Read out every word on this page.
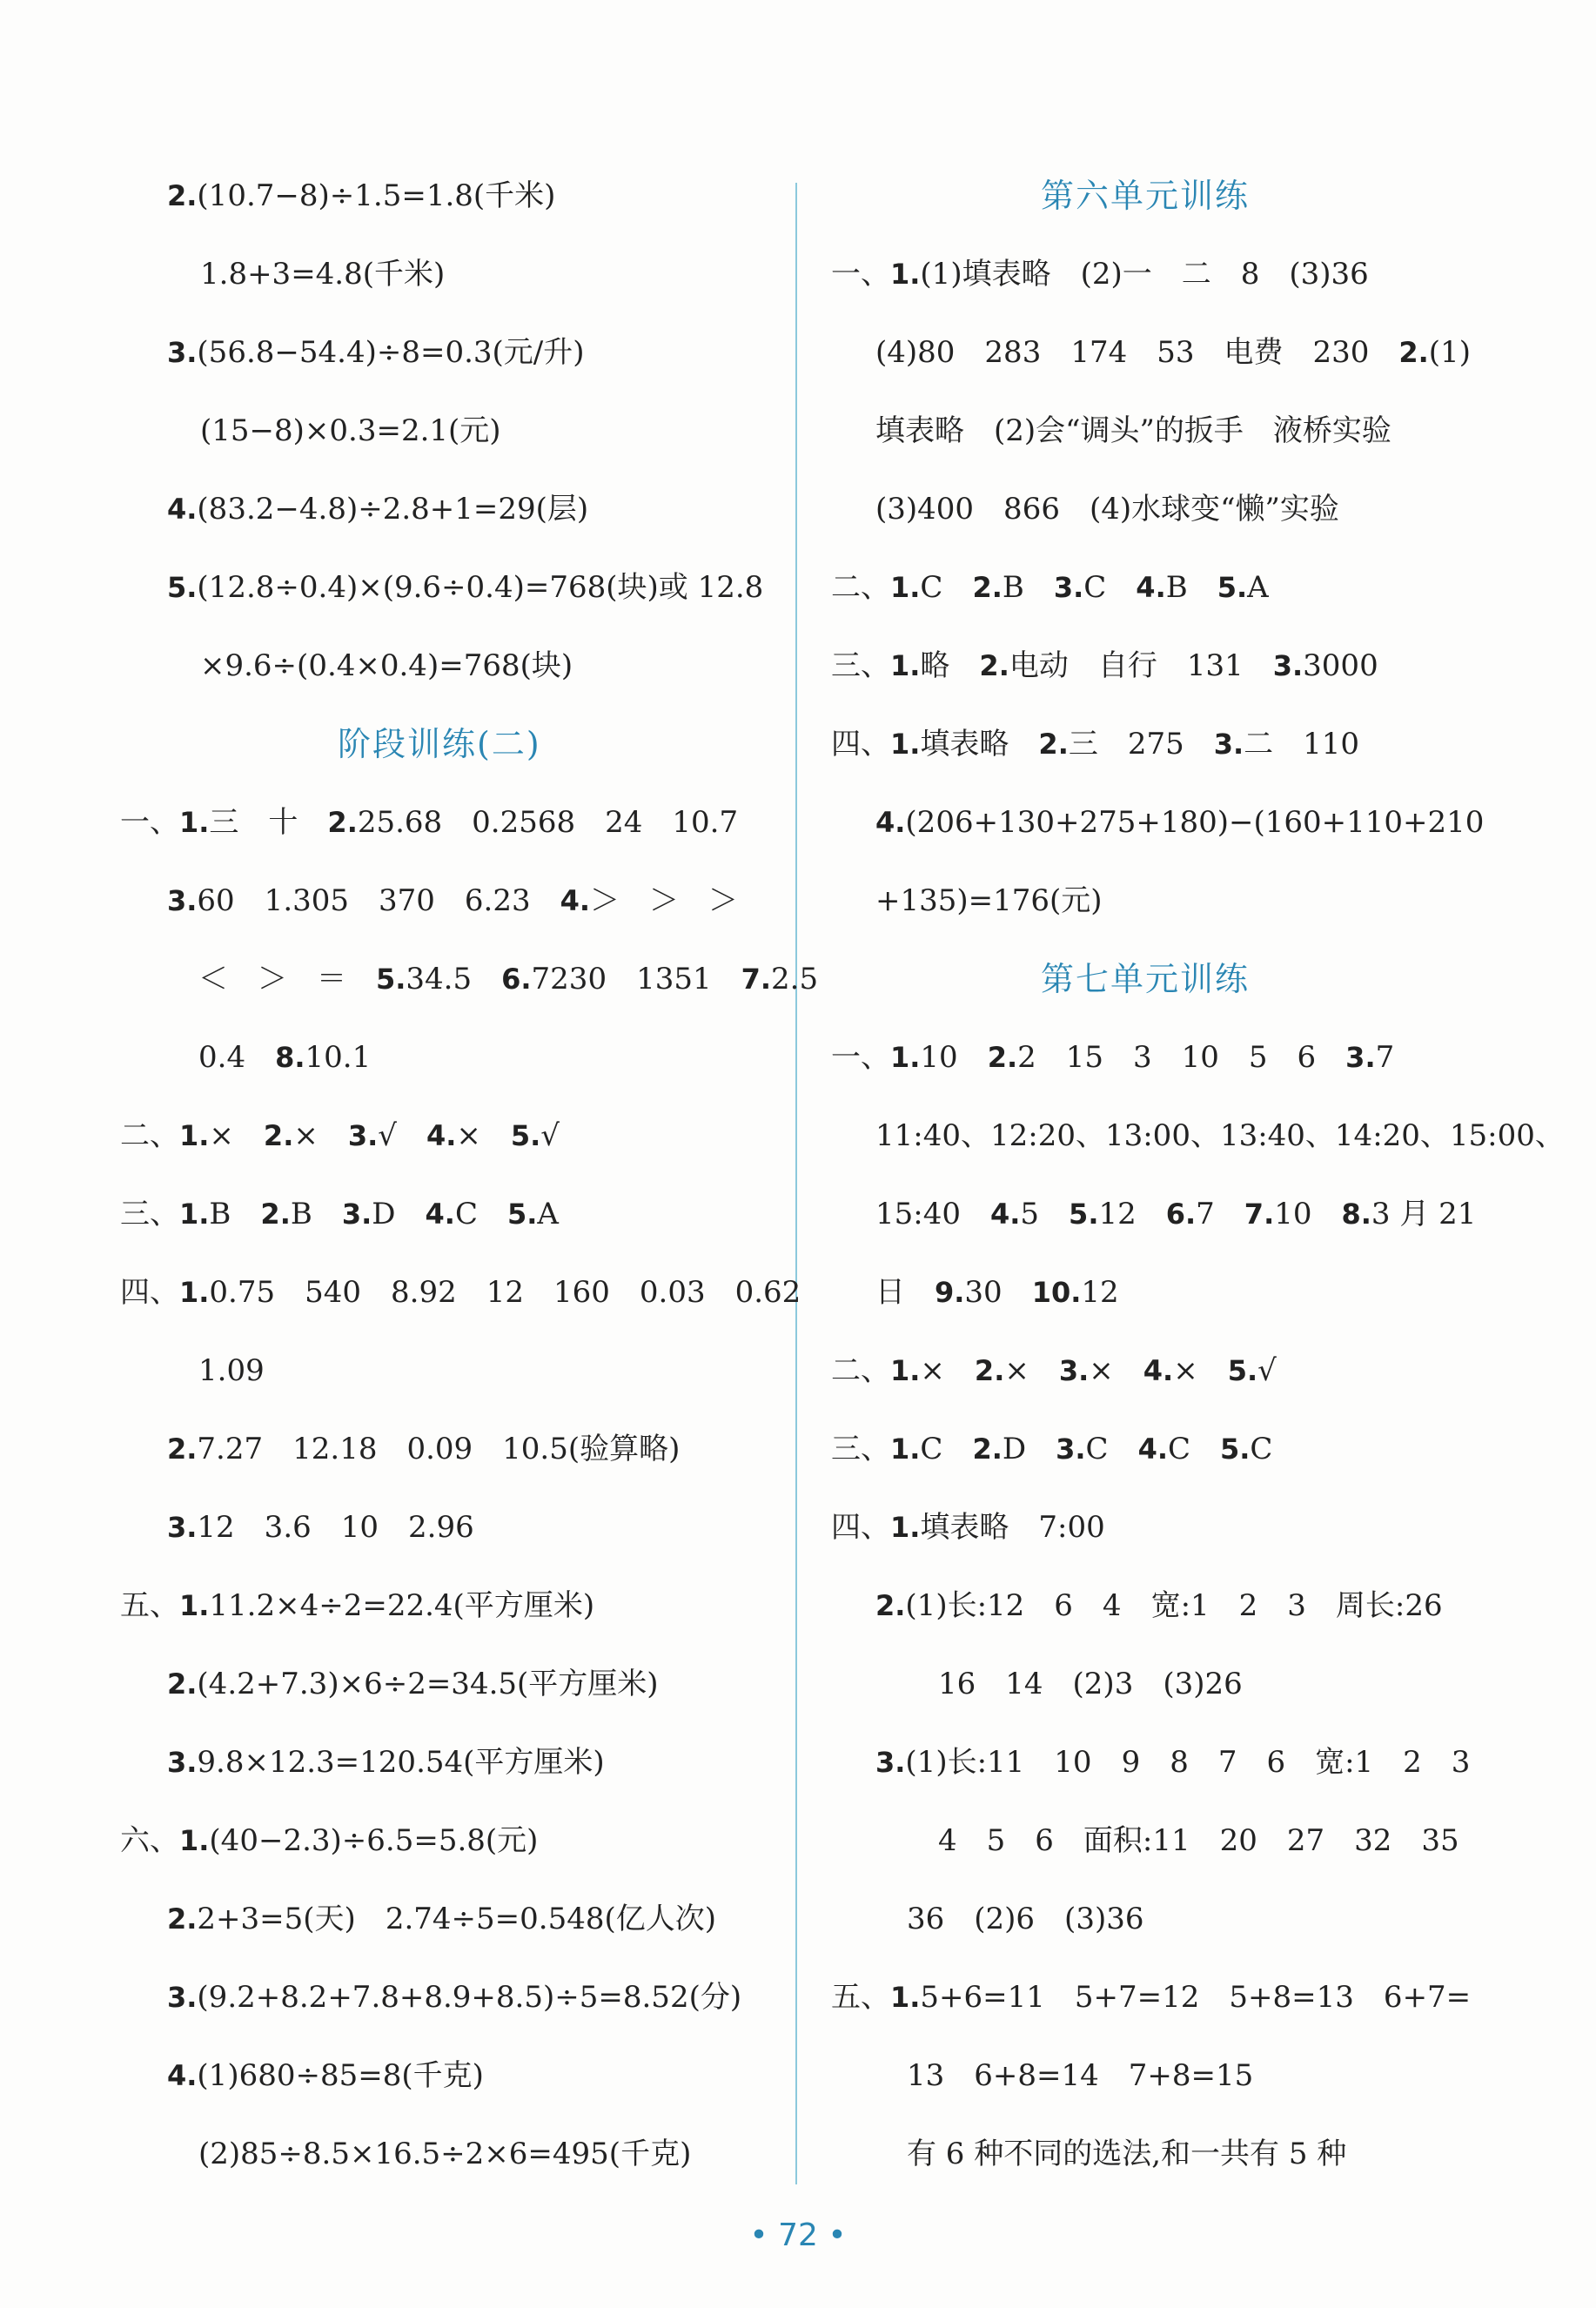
2.(10.7−8)÷1.5=1.8(千米)
1.8+3=4.8(千米)
3.(56.8−54.4)÷8=0.3(元/升)
(15−8)×0.3=2.1(元)
4.(83.2−4.8)÷2.8+1=29(层)
5.(12.8÷0.4)×(9.6÷0.4)=768(块)或 12.8
×9.6÷(0.4×0.4)=768(块)
一、1.三　十　2.25.68　0.2568　24　10.7
3.60　1.305　370　6.23　4.＞　＞　＞
＜　＞　＝　5.34.5　6.7230　1351　7.2.5
0.4　8.10.1
二、1.×　2.×　3.√　4.×　5.√
三、1.B　2.B　3.D　4.C　5.A
四、1.0.75　540　8.92　12　160　0.03　0.62
1.09
2.7.27　12.18　0.09　10.5(验算略)
3.12　3.6　10　2.96
五、1.11.2×4÷2=22.4(平方厘米)
2.(4.2+7.3)×6÷2=34.5(平方厘米)
3.9.8×12.3=120.54(平方厘米)
六、1.(40−2.3)÷6.5=5.8(元)
2.2+3=5(天)　2.74÷5=0.548(亿人次)
3.(9.2+8.2+7.8+8.9+8.5)÷5=8.52(分)
4.(1)680÷85=8(千克)
(2)85÷8.5×16.5÷2×6=495(千克)
一、1.(1)填表略　(2)一　二　8　(3)36
(4)80　283　174　53　电费　230　2.(1)
填表略　(2)会“调头”的扳手　液桥实验
(3)400　866　(4)水球变“懒”实验
二、1.C　2.B　3.C　4.B　5.A
三、1.略　2.电动　自行　131　3.3000
四、1.填表略　2.三　275　3.二　110
4.(206+130+275+180)−(160+110+210
+135)=176(元)
一、1.10　2.2　15　3　10　5　6　3.7
11:40、12:20、13:00、13:40、14:20、15:00、
15:40　4.5　5.12　6.7　7.10　8.3 月 21
日　9.30　10.12
二、1.×　2.×　3.×　4.×　5.√
三、1.C　2.D　3.C　4.C　5.C
四、1.填表略　7:00
2.(1)长:12　6　4　宽:1　2　3　周长:26
16　14　(2)3　(3)26
3.(1)长:11　10　9　8　7　6　宽:1　2　3
4　5　6　面积:11　20　27　32　35
36　(2)6　(3)36
五、1.5+6=11　5+7=12　5+8=13　6+7=
13　6+8=14　7+8=15
有 6 种不同的选法,和一共有 5 种
阶段训练(二)
第六单元训练
第七单元训练
• 72 •
